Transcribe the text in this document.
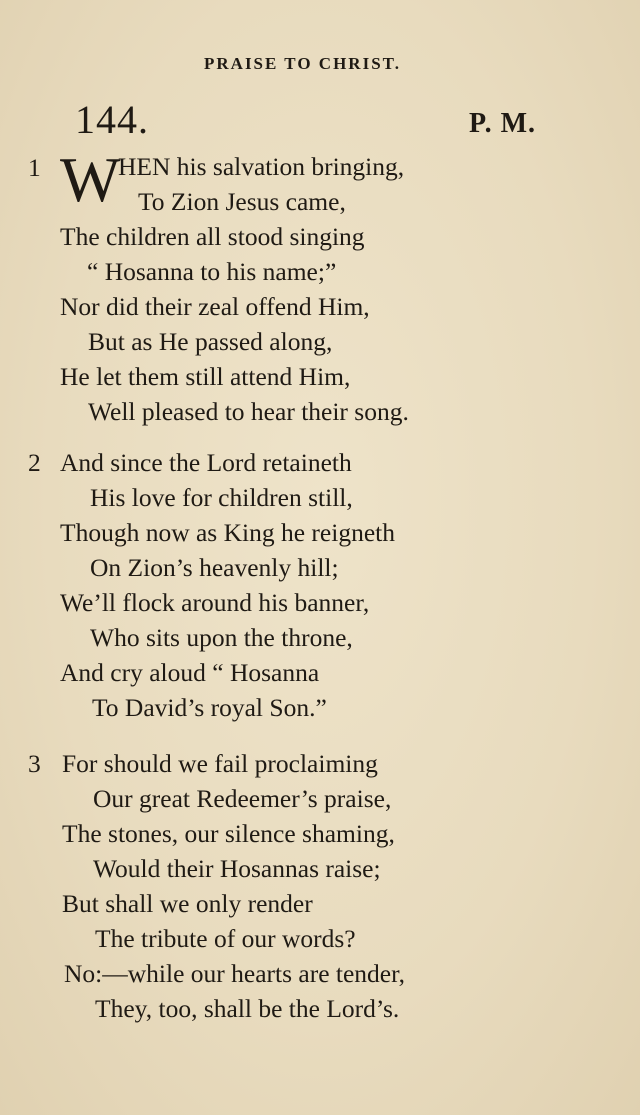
PRAISE TO CHRIST.
144.	P. M.
1 W
HEN his salvation bringing,
To Zion Jesus came,
The children all stood singing
“ Hosanna to his name;”
Nor did their zeal offend Him,
But as He passed along,
He let them still attend Him,
Well pleased to hear their song.
2 And since the Lord retaineth
His love for children still,
Though now as King he reigneth
On Zion’s heavenly hill;
We’ll flock around his banner,
Who sits upon the throne,
And cry aloud “ Hosanna
To David’s royal Son.”
3 For should we fail proclaiming
Our great Redeemer’s praise,
The stones, our silence shaming,
Would their Hosannas raise;
But shall we only render
The tribute of our words?
No:—while our hearts are tender,
They, too, shall be the Lord’s.
